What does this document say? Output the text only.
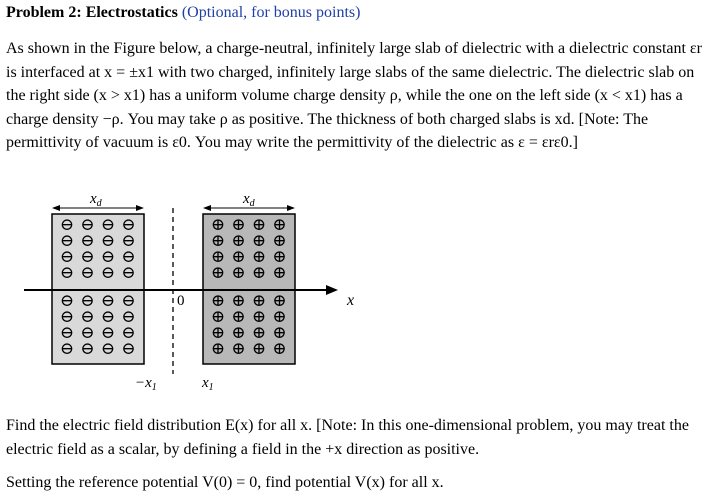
Problem 2: Electrostatics (Optional, for bonus points)
As shown in the Figure below, a charge-neutral, infinitely large slab of dielectric with a dielectric constant εr is interfaced at x = ±x1 with two charged, infinitely large slabs of the same dielectric. The dielectric slab on the right side (x > x1) has a uniform volume charge density ρ, while the one on the left side (x < x1) has a charge density −ρ. You may take ρ as positive. The thickness of both charged slabs is xd. [Note: The permittivity of vacuum is ε0. You may write the permittivity of the dielectric as ε = εrε0.]
$x_d$	$x_d$
⊖ ⊖ ⊖ ⊖
⊖ ⊖ ⊖ ⊖
⊖ ⊖ ⊖ ⊖
⊖ ⊖ ⊖ ⊖
⊖ ⊖ ⊖ ⊖
⊖ ⊖ ⊖ ⊖
⊖ ⊖ ⊖ ⊖
⊖ ⊖ ⊖ ⊖
⊕ ⊕ ⊕ ⊕
⊕ ⊕ ⊕ ⊕
⊕ ⊕ ⊕ ⊕
⊕ ⊕ ⊕ ⊕
⊕ ⊕ ⊕ ⊕
⊕ ⊕ ⊕ ⊕
⊕ ⊕ ⊕ ⊕
⊕ ⊕ ⊕ ⊕
x
0
$-x_1$	$x_1$
Find the electric field distribution E(x) for all x. [Note: In this one-dimensional problem, you may treat the electric field as a scalar, by defining a field in the +x direction as positive.
Setting the reference potential V(0) = 0, find potential V(x) for all x.
